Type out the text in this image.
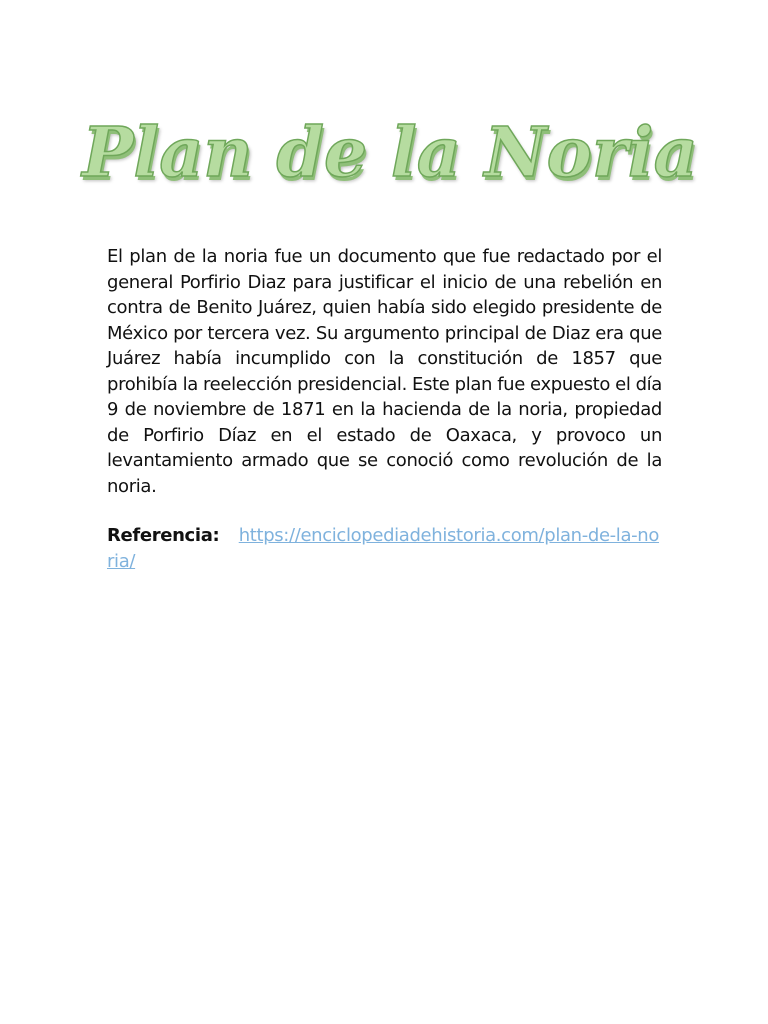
Plan de la Noria

El plan de la noria fue un documento que fue redactado por el general Porfirio Diaz para justificar el inicio de una rebelión en contra de Benito Juárez, quien había sido elegido presidente de México por tercera vez. Su argumento principal de Diaz era que Juárez había incumplido con la constitución de 1857 que prohibía la reelección presidencial. Este plan fue expuesto el día 9 de noviembre de 1871 en la hacienda de la noria, propiedad de Porfirio Díaz en el estado de Oaxaca, y provoco un levantamiento armado que se conoció como revolución de la noria.

Referencia: https://enciclopediadehistoria.com/plan-de-la-noria/
